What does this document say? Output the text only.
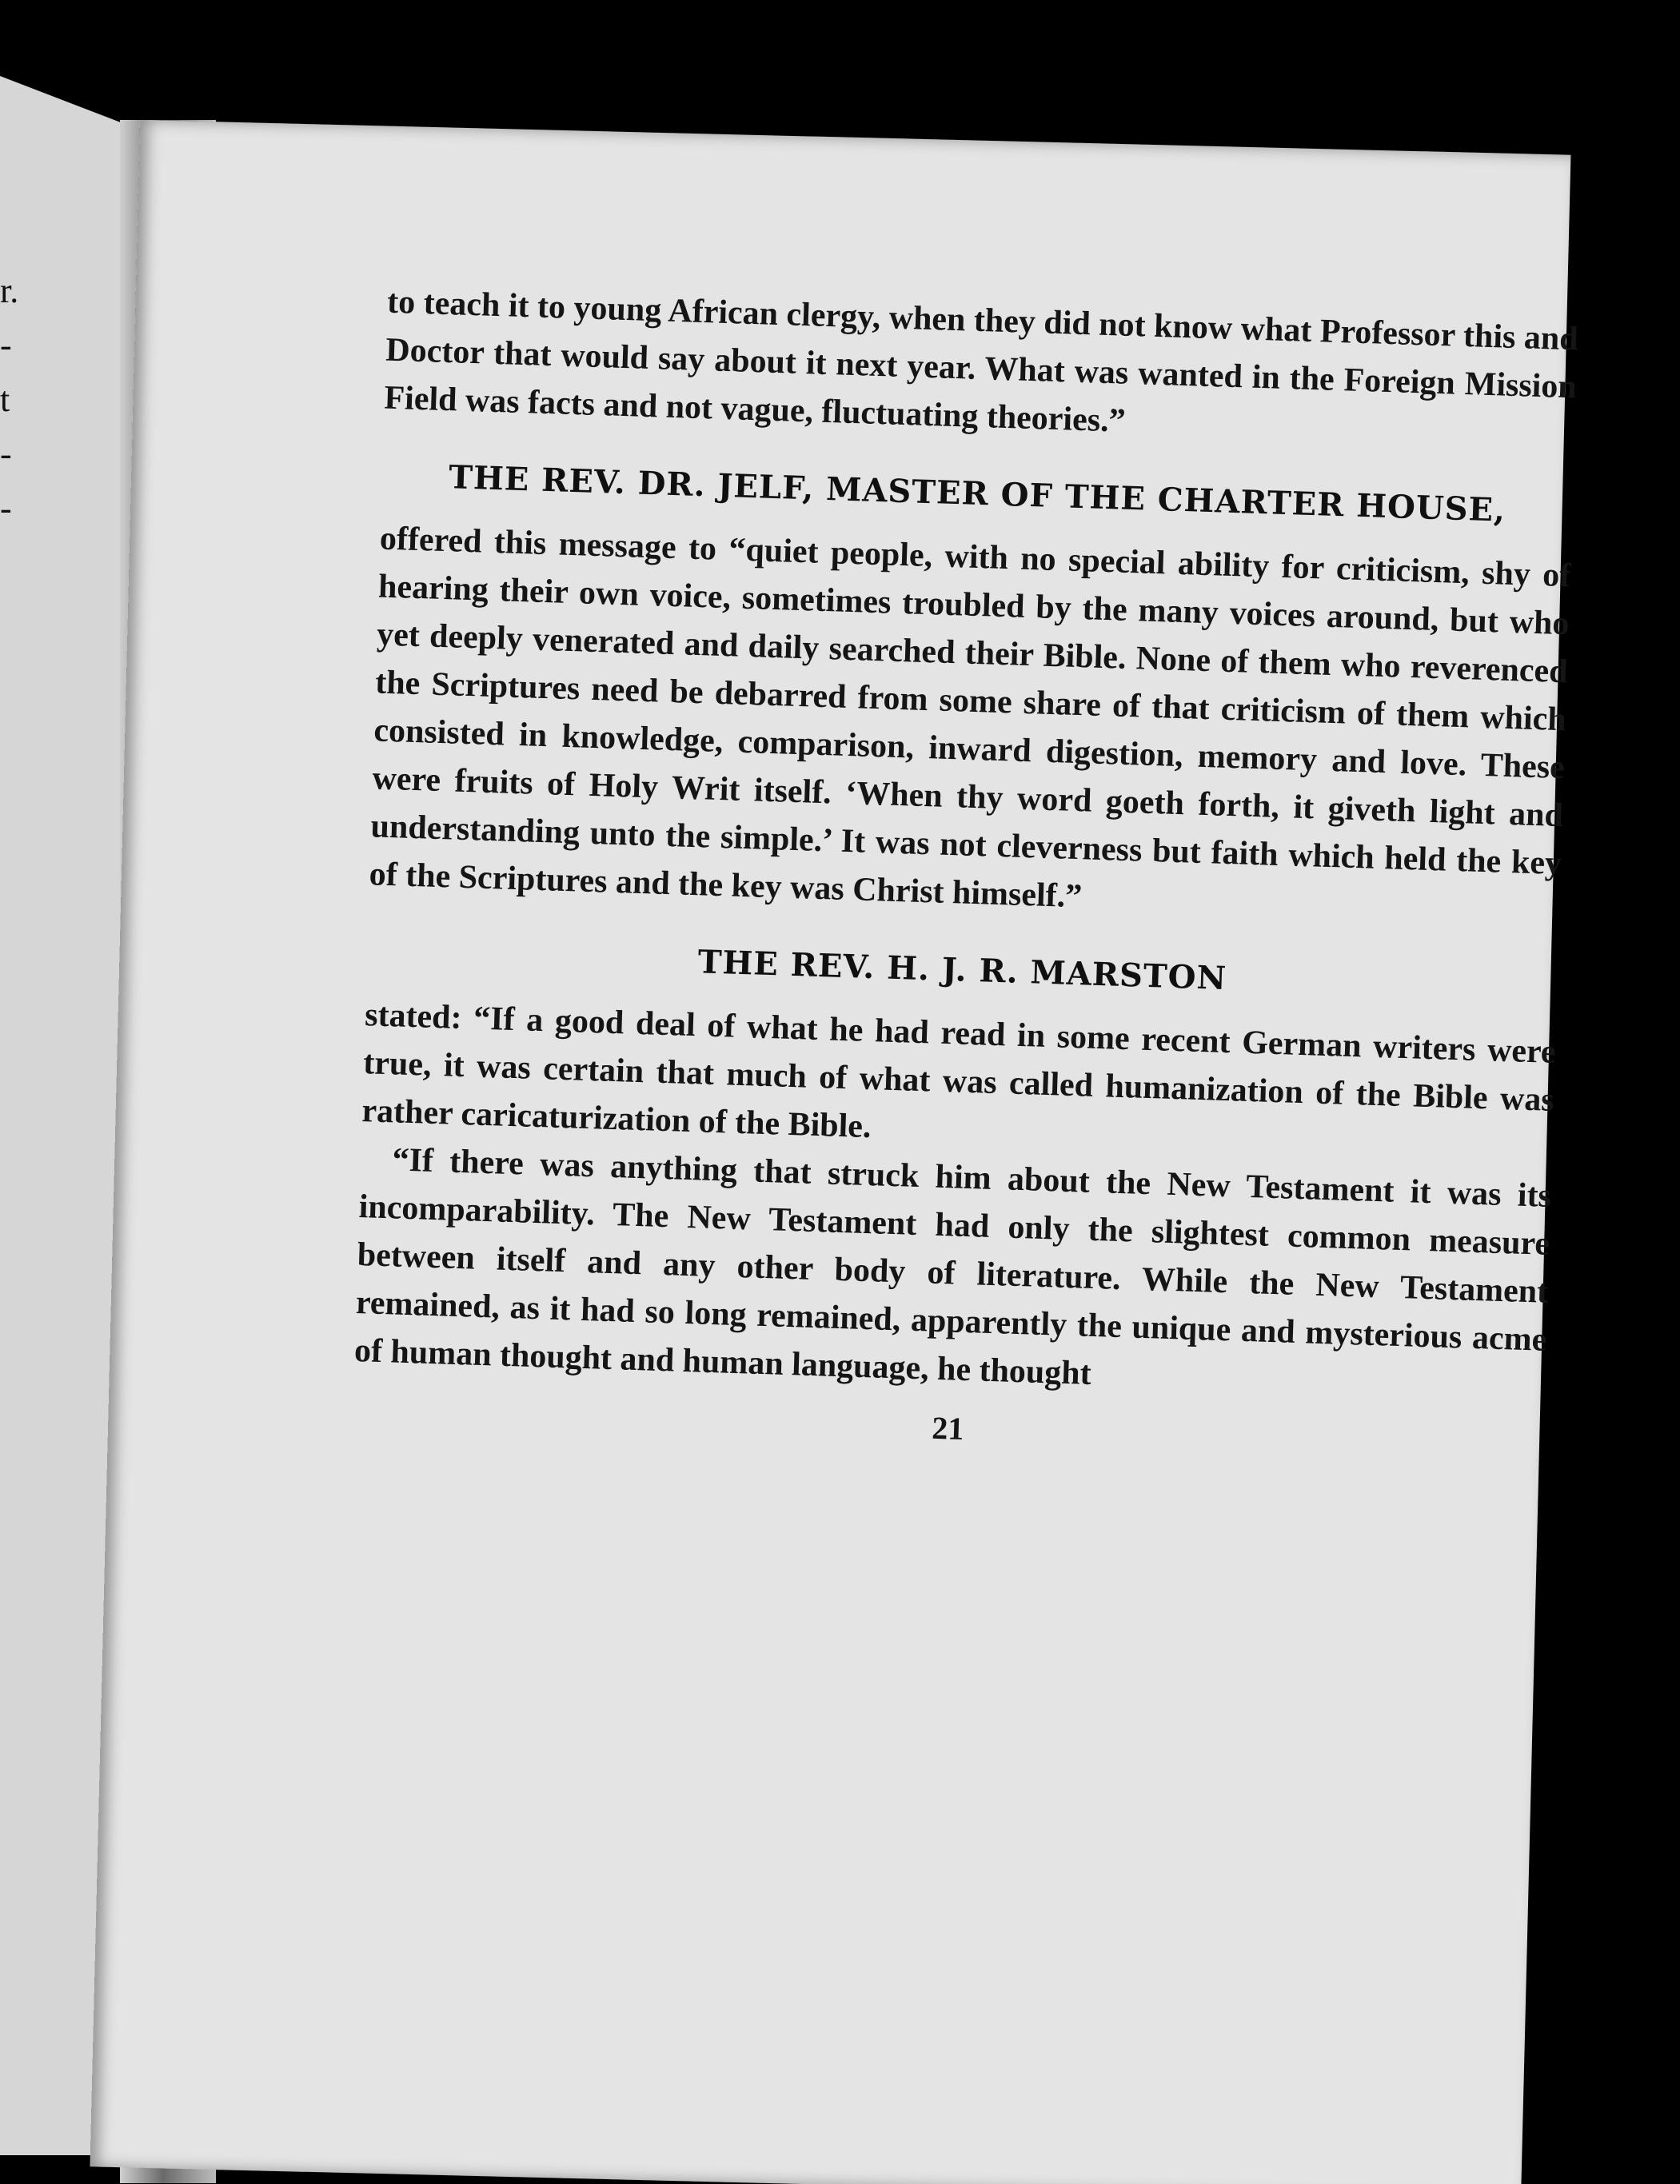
r.
-
t
-
-

to teach it to young African clergy, when they did not know what Professor this and Doctor that would say about it next year. What was wanted in the Foreign Mission Field was facts and not vague, fluctuating theories.”

THE REV. DR. JELF, MASTER OF THE CHARTER HOUSE,

offered this message to “quiet people, with no special ability for criticism, shy of hearing their own voice, sometimes troubled by the many voices around, but who yet deeply venerated and daily searched their Bible. None of them who reverenced the Scriptures need be debarred from some share of that criticism of them which consisted in knowledge, comparison, inward digestion, memory and love. These were fruits of Holy Writ itself. ‘When thy word goeth forth, it giveth light and understanding unto the simple.’ It was not cleverness but faith which held the key of the Scriptures and the key was Christ himself.”

THE REV. H. J. R. MARSTON

stated: “If a good deal of what he had read in some recent German writers were true, it was certain that much of what was called humanization of the Bible was rather caricaturization of the Bible.

“If there was anything that struck him about the New Testament it was its incomparability. The New Testament had only the slightest common measure between itself and any other body of literature. While the New Testament remained, as it had so long remained, apparently the unique and mysterious acme of human thought and human language, he thought

21
